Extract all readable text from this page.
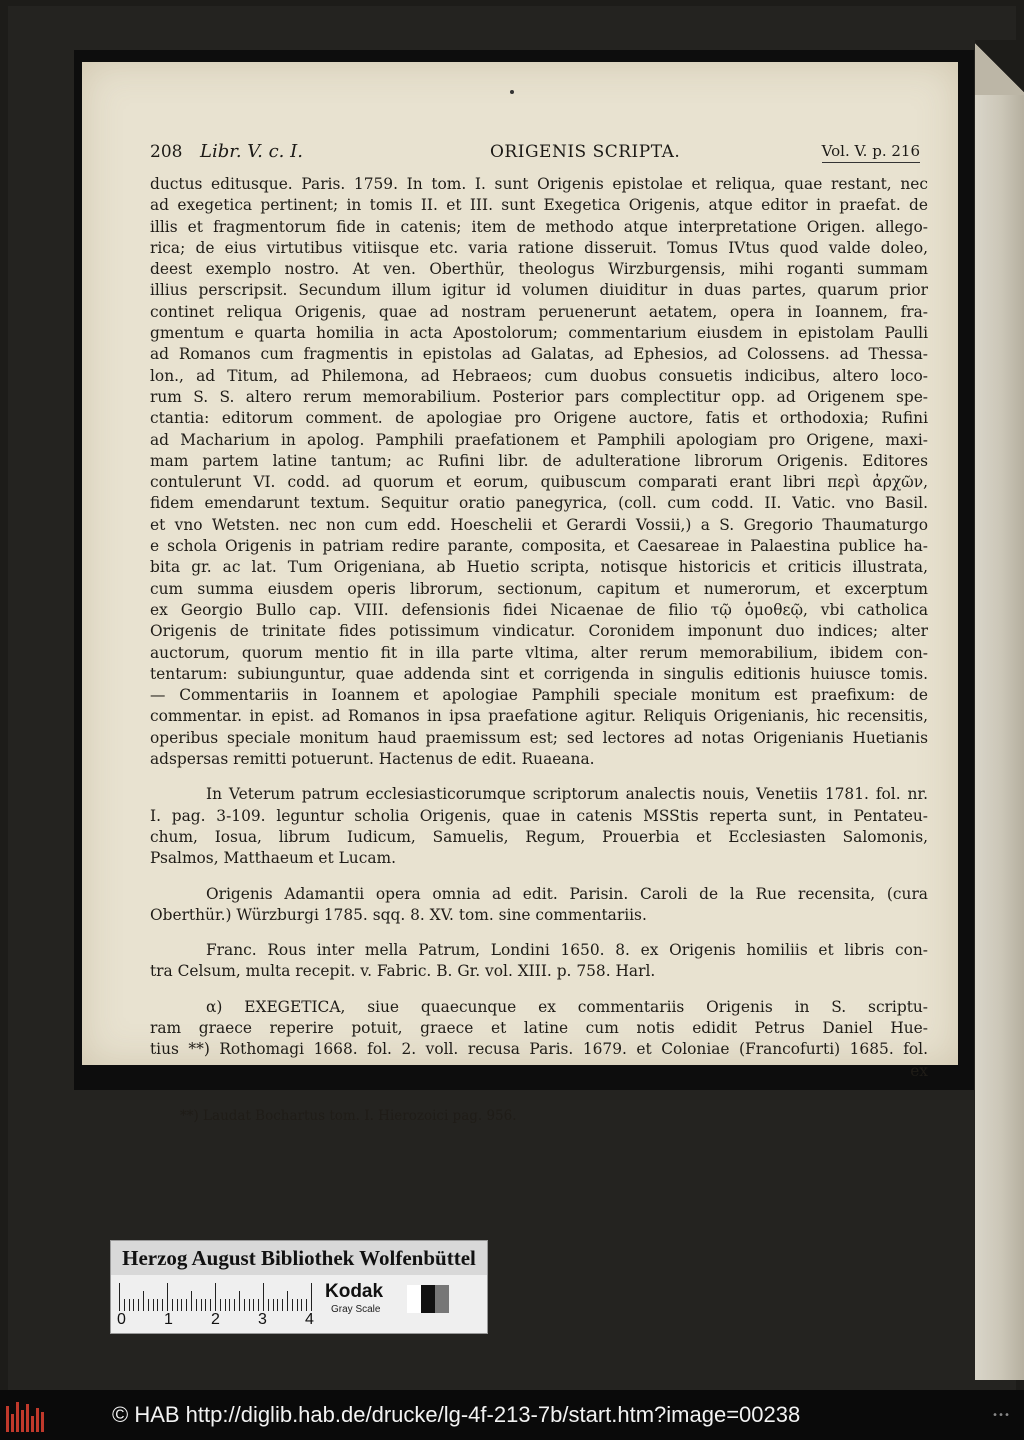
208 Libr. V. c. I.	ORIGENIS SCRIPTA.	Vol. V. p. 216
ductus editusque. Paris. 1759. In tom. I. sunt Origenis epistolae et reliqua, quae restant, nec
ad exegetica pertinent; in tomis II. et III. sunt Exegetica Origenis, atque editor in praefat. de
illis et fragmentorum fide in catenis; item de methodo atque interpretatione Origen. allego-
rica; de eius virtutibus vitiisque etc. varia ratione disseruit. Tomus IVtus quod valde doleo,
deest exemplo nostro. At ven. Oberthür, theologus Wirzburgensis, mihi roganti summam
illius perscripsit. Secundum illum igitur id volumen diuiditur in duas partes, quarum prior
continet reliqua Origenis, quae ad nostram peruenerunt aetatem, opera in Ioannem, fra-
gmentum e quarta homilia in acta Apostolorum; commentarium eiusdem in epistolam Paulli
ad Romanos cum fragmentis in epistolas ad Galatas, ad Ephesios, ad Colossens. ad Thessa-
lon., ad Titum, ad Philemona, ad Hebraeos; cum duobus consuetis indicibus, altero loco-
rum S. S. altero rerum memorabilium. Posterior pars complectitur opp. ad Origenem spe-
ctantia: editorum comment. de apologiae pro Origene auctore, fatis et orthodoxia; Rufini
ad Macharium in apolog. Pamphili praefationem et Pamphili apologiam pro Origene, maxi-
mam partem latine tantum; ac Rufini libr. de adulteratione librorum Origenis. Editores
contulerunt VI. codd. ad quorum et eorum, quibuscum comparati erant libri περὶ ἀρχῶν,
fidem emendarunt textum. Sequitur oratio panegyrica, (coll. cum codd. II. Vatic. vno Basil.
et vno Wetsten. nec non cum edd. Hoeschelii et Gerardi Vossii,) a S. Gregorio Thaumaturgo
e schola Origenis in patriam redire parante, composita, et Caesareae in Palaestina publice ha-
bita gr. ac lat. Tum Origeniana, ab Huetio scripta, notisque historicis et criticis illustrata,
cum summa eiusdem operis librorum, sectionum, capitum et numerorum, et excerptum
ex Georgio Bullo cap. VIII. defensionis fidei Nicaenae de filio τῷ ὁμοθεῷ, vbi catholica
Origenis de trinitate fides potissimum vindicatur. Coronidem imponunt duo indices; alter
auctorum, quorum mentio fit in illa parte vltima, alter rerum memorabilium, ibidem con-
tentarum: subiunguntur, quae addenda sint et corrigenda in singulis editionis huiusce tomis.
— Commentariis in Ioannem et apologiae Pamphili speciale monitum est praefixum: de
commentar. in epist. ad Romanos in ipsa praefatione agitur. Reliquis Origenianis, hic recensitis,
operibus speciale monitum haud praemissum est; sed lectores ad notas Origenianis Huetianis
adspersas remitti potuerunt. Hactenus de edit. Ruaeana.
In Veterum patrum ecclesiasticorumque scriptorum analectis nouis, Venetiis 1781. fol. nr.
I. pag. 3-109. leguntur scholia Origenis, quae in catenis MSStis reperta sunt, in Pentateu-
chum, Iosua, librum Iudicum, Samuelis, Regum, Prouerbia et Ecclesiasten Salomonis,
Psalmos, Matthaeum et Lucam.
Origenis Adamantii opera omnia ad edit. Parisin. Caroli de la Rue recensita, (cura
Oberthür.) Würzburgi 1785. sqq. 8. XV. tom. sine commentariis.
Franc. Rous inter mella Patrum, Londini 1650. 8. ex Origenis homiliis et libris con-
tra Celsum, multa recepit. v. Fabric. B. Gr. vol. XIII. p. 758. Harl.
α) EXEGETICA, siue quaecunque ex commentariis Origenis in S. scriptu-
ram graece reperire potuit, graece et latine cum notis edidit Petrus Daniel Hue-
tius **) Rothomagi 1668. fol. 2. voll. recusa Paris. 1679. et Coloniae (Francofurti) 1685. fol.
ex
**) Laudat Bochartus tom. I. Hierozoici pag. 956.
Herzog August Bibliothek Wolfenbüttel
0 1 2 3 4
Kodak
Gray Scale
© HAB http://diglib.hab.de/drucke/lg-4f-213-7b/start.htm?image=00238	•••
